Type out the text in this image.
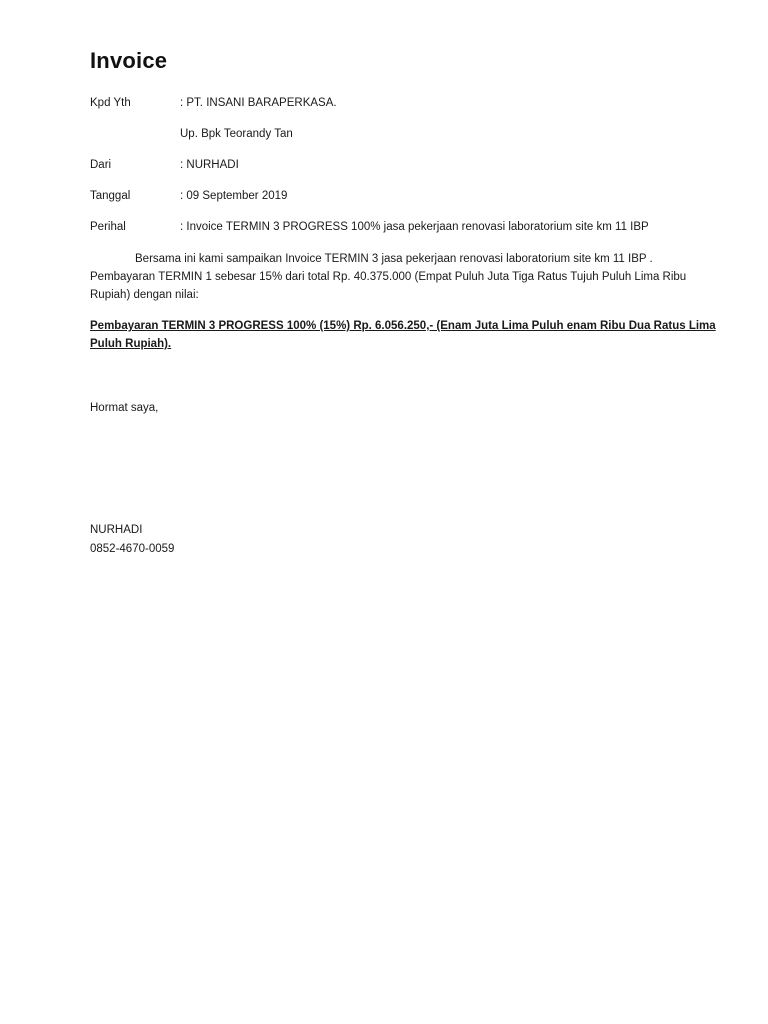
Invoice
Kpd Yth	: PT. INSANI BARAPERKASA.
Up. Bpk Teorandy Tan
Dari	: NURHADI
Tanggal	: 09 September 2019
Perihal	: Invoice TERMIN 3 PROGRESS 100% jasa pekerjaan renovasi laboratorium site km 11 IBP
Bersama ini kami sampaikan Invoice TERMIN 3 jasa pekerjaan renovasi laboratorium site km 11 IBP .
Pembayaran TERMIN 1 sebesar 15% dari total Rp. 40.375.000 (Empat Puluh Juta Tiga Ratus Tujuh Puluh Lima Ribu
Rupiah) dengan nilai:
Pembayaran TERMIN 3 PROGRESS 100% (15%) Rp. 6.056.250,- (Enam Juta Lima Puluh enam Ribu Dua Ratus Lima
Puluh Rupiah).
Hormat saya,
NURHADI
0852-4670-0059
